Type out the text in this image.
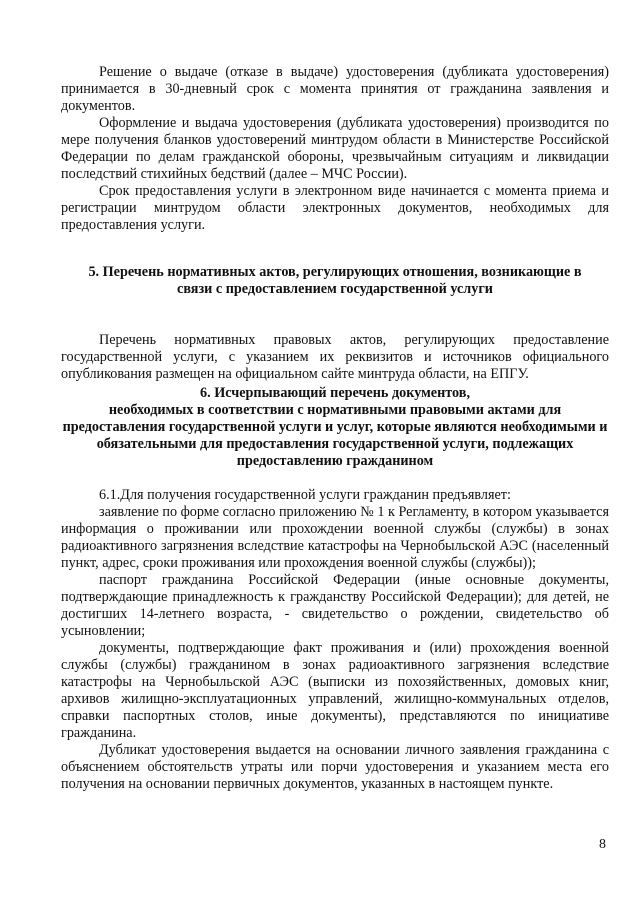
Решение о выдаче (отказе в выдаче) удостоверения (дубликата удостоверения) принимается в 30-дневный срок с момента принятия от гражданина заявления и документов.

Оформление и выдача удостоверения (дубликата удостоверения) производится по мере получения бланков удостоверений минтрудом области в Министерстве Российской Федерации по делам гражданской обороны, чрезвычайным ситуациям и ликвидации последствий стихийных бедствий (далее – МЧС России).

Срок предоставления услуги в электронном виде начинается с момента приема и регистрации минтрудом области электронных документов, необходимых для предоставления услуги.

5. Перечень нормативных актов, регулирующих отношения, возникающие в связи с предоставлением государственной услуги

Перечень нормативных правовых актов, регулирующих предоставление государственной услуги, с указанием их реквизитов и источников официального опубликования размещен на официальном сайте минтруда области, на ЕПГУ.

6. Исчерпывающий перечень документов,
необходимых в соответствии с нормативными правовыми актами для предоставления государственной услуги и услуг, которые являются необходимыми и обязательными для предоставления государственной услуги, подлежащих предоставлению гражданином

6.1.Для получения государственной услуги гражданин предъявляет:

заявление по форме согласно приложению № 1 к Регламенту, в котором указывается информация о проживании или прохождении военной службы (службы) в зонах радиоактивного загрязнения вследствие катастрофы на Чернобыльской АЭС (населенный пункт, адрес, сроки проживания или прохождения военной службы (службы));

паспорт гражданина Российской Федерации (иные основные документы, подтверждающие принадлежность к гражданству Российской Федерации); для детей, не достигших 14-летнего возраста, - свидетельство о рождении, свидетельство об усыновлении;

документы, подтверждающие факт проживания и (или) прохождения военной службы (службы) гражданином в зонах радиоактивного загрязнения вследствие катастрофы на Чернобыльской АЭС (выписки из похозяйственных, домовых книг, архивов жилищно-эксплуатационных управлений, жилищно-коммунальных отделов, справки паспортных столов, иные документы), представляются по инициативе гражданина.

Дубликат удостоверения выдается на основании личного заявления гражданина с объяснением обстоятельств утраты или порчи удостоверения и указанием места его получения на основании первичных документов, указанных в настоящем пункте.

8
